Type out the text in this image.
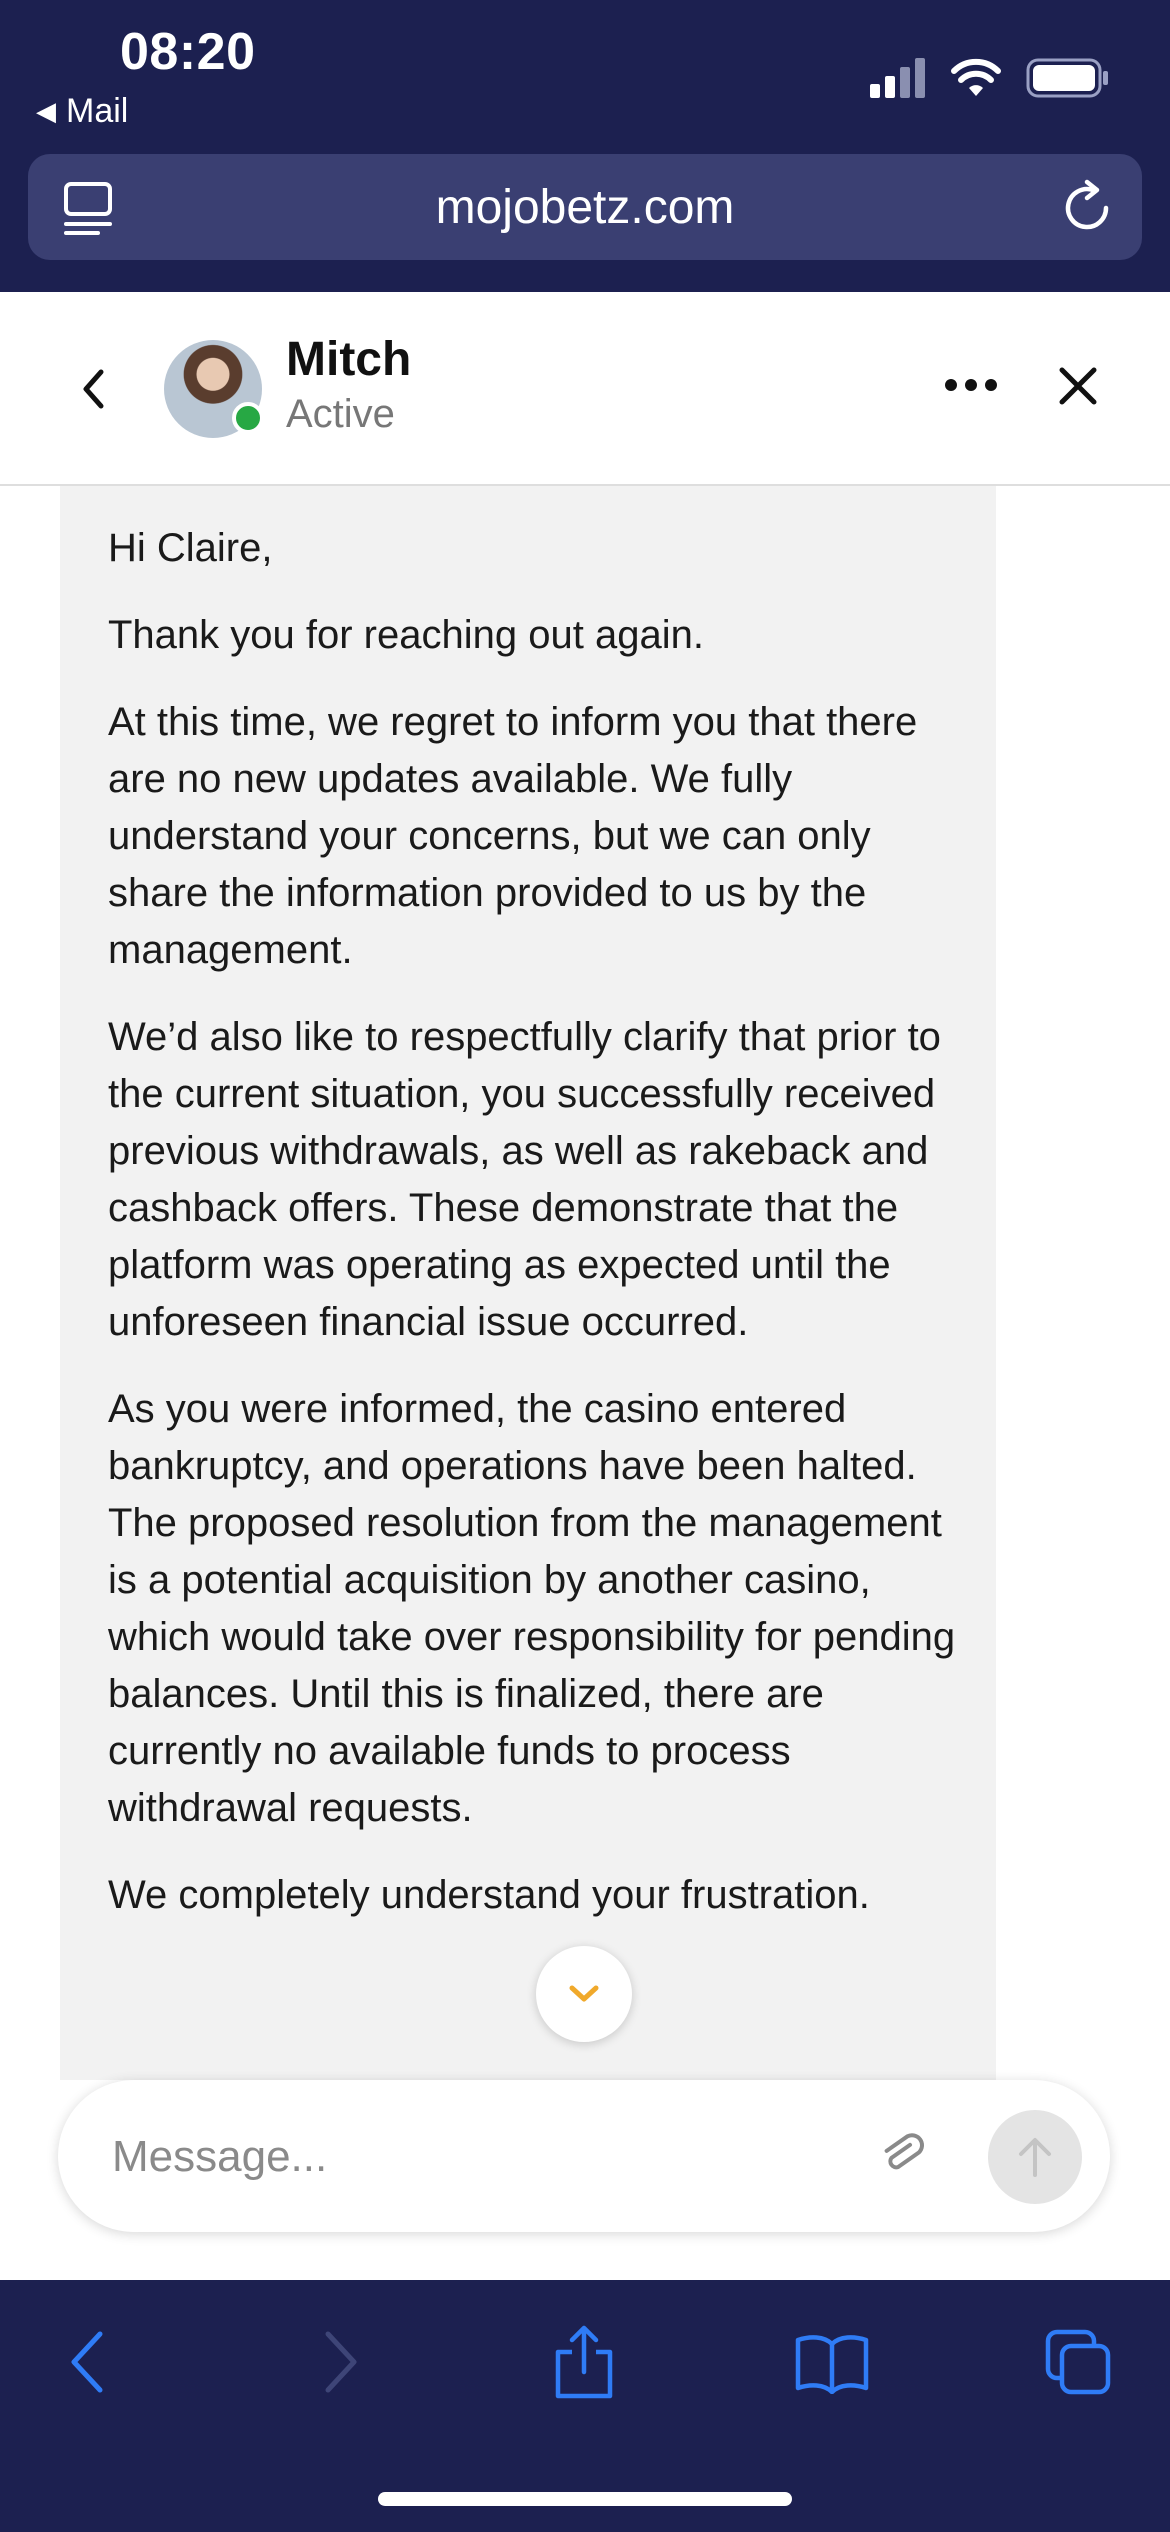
08:20
◀ Mail
mojobetz.com
Mitch
Active

Hi Claire,

Thank you for reaching out again.

At this time, we regret to inform you that there are no new updates available. We fully understand your concerns, but we can only share the information provided to us by the management.

We’d also like to respectfully clarify that prior to the current situation, you successfully received previous withdrawals, as well as rakeback and cashback offers. These demonstrate that the platform was operating as expected until the unforeseen financial issue occurred.

As you were informed, the casino entered bankruptcy, and operations have been halted. The proposed resolution from the management is a potential acquisition by another casino, which would take over responsibility for pending balances. Until this is finalized, there are currently no available funds to process withdrawal requests.

We completely understand your frustration.

Message...
